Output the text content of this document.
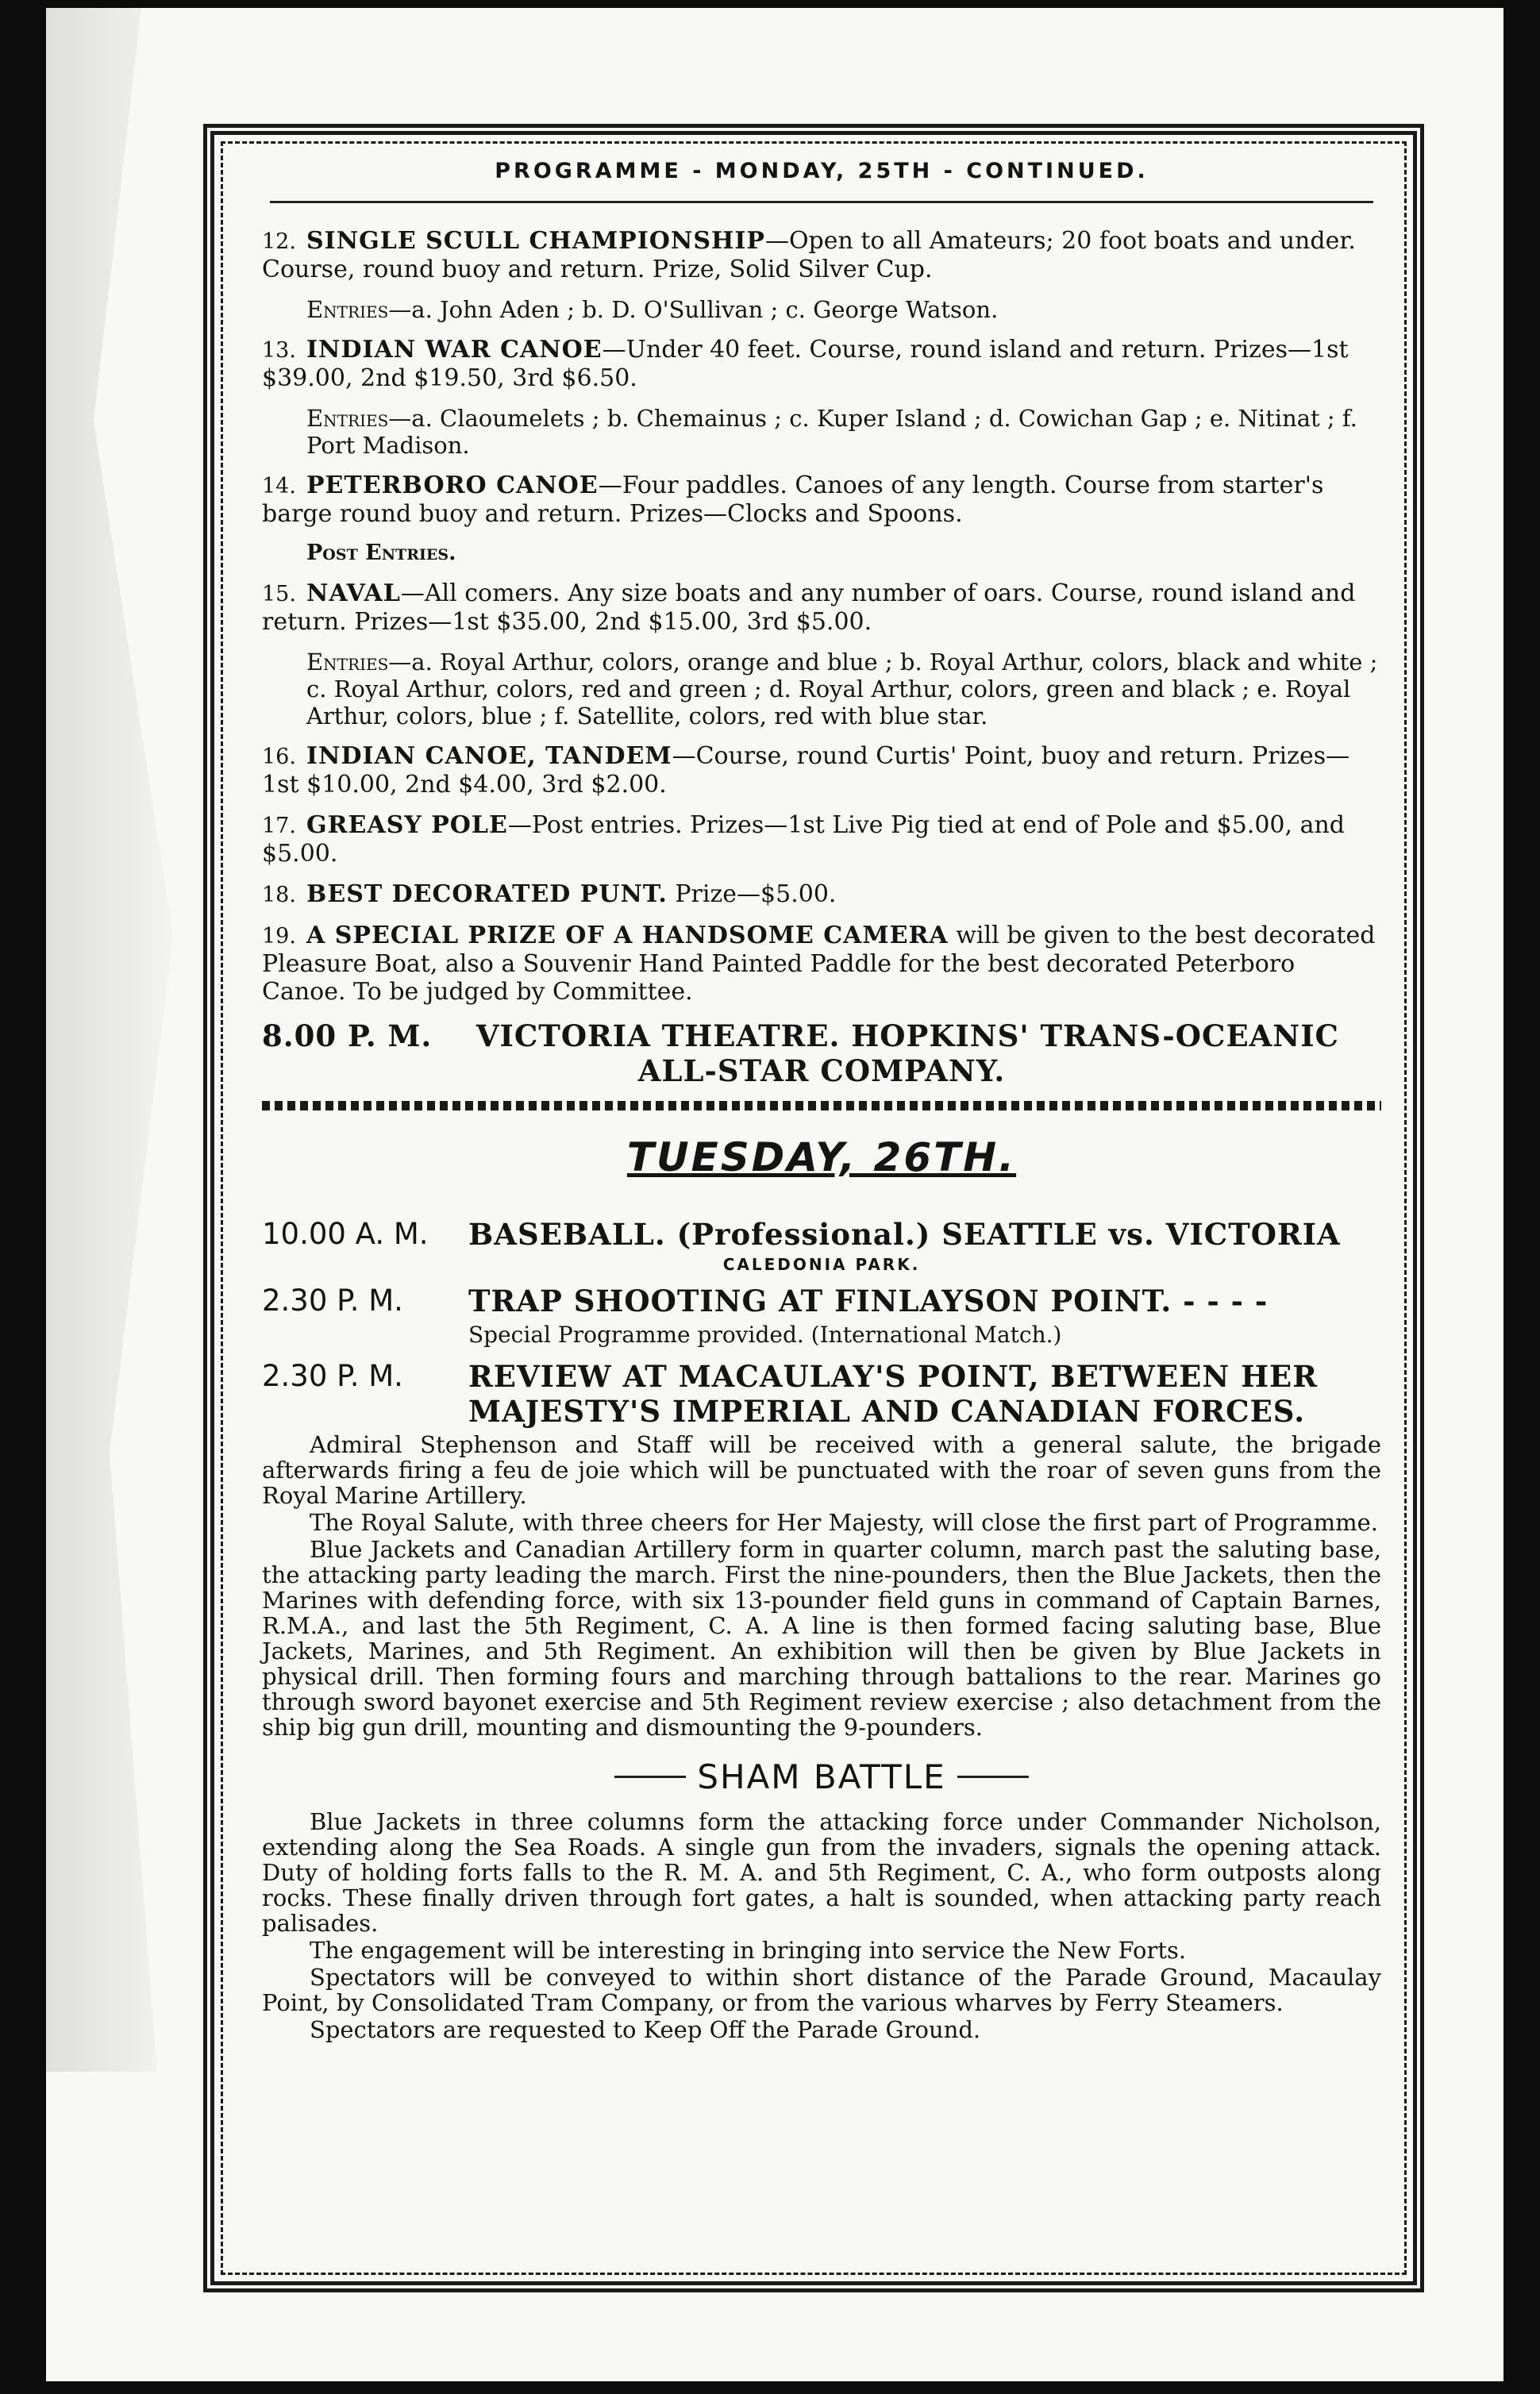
PROGRAMME - MONDAY, 25TH - CONTINUED.
12. SINGLE SCULL CHAMPIONSHIP—Open to all Amateurs; 20 foot boats and under. Course, round buoy and return. Prize, Solid Silver Cup.
Entries—a. John Aden ; b. D. O'Sullivan ; c. George Watson.
13. INDIAN WAR CANOE—Under 40 feet. Course, round island and return. Prizes—1st $39.00, 2nd $19.50, 3rd $6.50.
Entries—a. Claoumelets ; b. Chemainus ; c. Kuper Island ; d. Cowichan Gap ; e. Nitinat ; f. Port Madison.
14. PETERBORO CANOE—Four paddles. Canoes of any length. Course from starter's barge round buoy and return. Prizes—Clocks and Spoons.
Post Entries.
15. NAVAL—All comers. Any size boats and any number of oars. Course, round island and return. Prizes—1st $35.00, 2nd $15.00, 3rd $5.00.
Entries—a. Royal Arthur, colors, orange and blue ; b. Royal Arthur, colors, black and white ; c. Royal Arthur, colors, red and green ; d. Royal Arthur, colors, green and black ; e. Royal Arthur, colors, blue ; f. Satellite, colors, red with blue star.
16. INDIAN CANOE, TANDEM—Course, round Curtis' Point, buoy and return. Prizes—1st $10.00, 2nd $4.00, 3rd $2.00.
17. GREASY POLE—Post entries. Prizes—1st Live Pig tied at end of Pole and $5.00, and $5.00.
18. BEST DECORATED PUNT. Prize—$5.00.
19. A SPECIAL PRIZE OF A HANDSOME CAMERA will be given to the best decorated Pleasure Boat, also a Souvenir Hand Painted Paddle for the best decorated Peterboro Canoe. To be judged by Committee.
8.00 P. M. VICTORIA THEATRE. HOPKINS' TRANS-OCEANIC
ALL-STAR COMPANY.
TUESDAY, 26TH.
10.00 A. M.	BASEBALL. (Professional.) SEATTLE vs. VICTORIA
CALEDONIA PARK.
2.30 P. M.	TRAP SHOOTING AT FINLAYSON POINT. - - - -
Special Programme provided. (International Match.)
2.30 P. M.	REVIEW AT MACAULAY'S POINT, BETWEEN HER MAJESTY'S IMPERIAL AND CANADIAN FORCES.

Admiral Stephenson and Staff will be received with a general salute, the brigade afterwards firing a feu de joie which will be punctuated with the roar of seven guns from the Royal Marine Artillery.

The Royal Salute, with three cheers for Her Majesty, will close the first part of Programme.

Blue Jackets and Canadian Artillery form in quarter column, march past the saluting base, the attacking party leading the march. First the nine-pounders, then the Blue Jackets, then the Marines with defending force, with six 13-pounder field guns in command of Captain Barnes, R.M.A., and last the 5th Regiment, C. A. A line is then formed facing saluting base, Blue Jackets, Marines, and 5th Regiment. An exhibition will then be given by Blue Jackets in physical drill. Then forming fours and marching through battalions to the rear. Marines go through sword bayonet exercise and 5th Regiment review exercise ; also detachment from the ship big gun drill, mounting and dismounting the 9-pounders.

SHAM BATTLE

Blue Jackets in three columns form the attacking force under Commander Nicholson, extending along the Sea Roads. A single gun from the invaders, signals the opening attack. Duty of holding forts falls to the R. M. A. and 5th Regiment, C. A., who form outposts along rocks. These finally driven through fort gates, a halt is sounded, when attacking party reach palisades.

The engagement will be interesting in bringing into service the New Forts.

Spectators will be conveyed to within short distance of the Parade Ground, Macaulay Point, by Consolidated Tram Company, or from the various wharves by Ferry Steamers.

Spectators are requested to Keep Off the Parade Ground.
